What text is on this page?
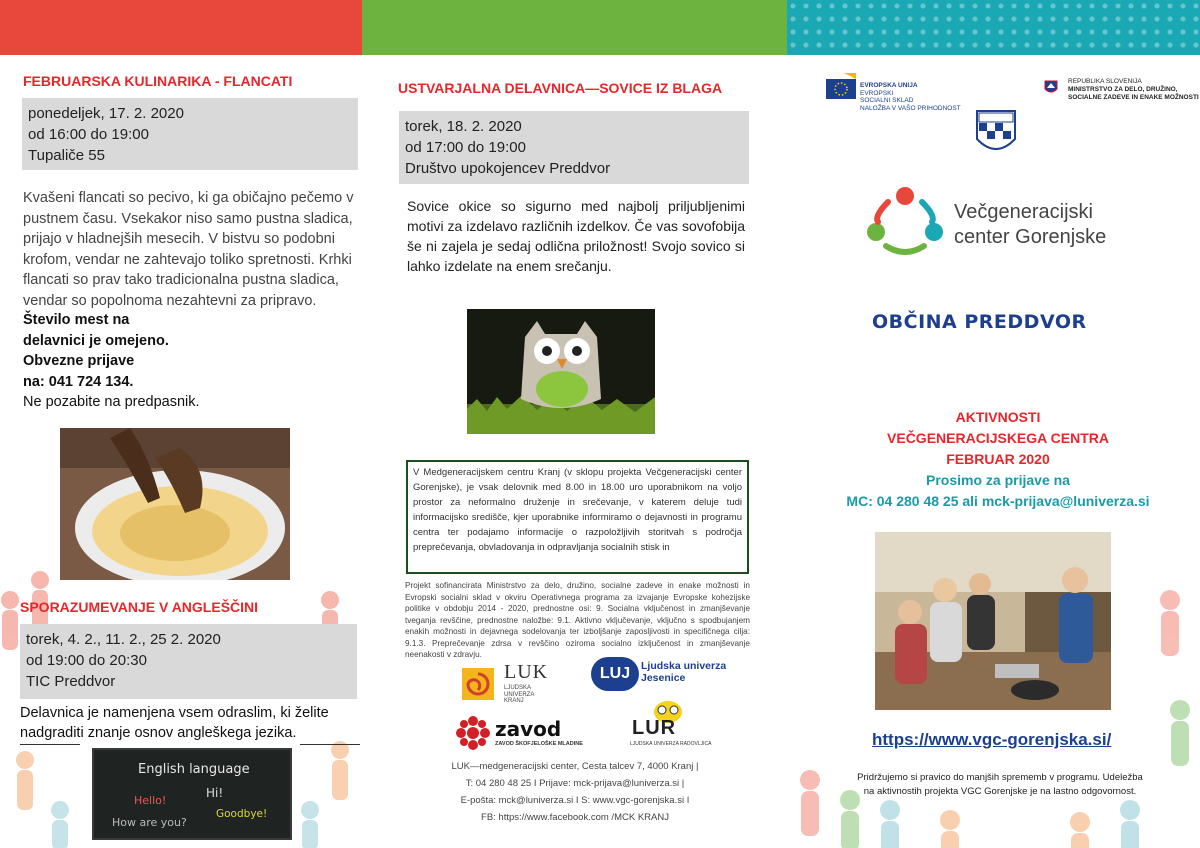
FEBRUARSKA KULINARIKA - FLANCATI
ponedeljek, 17. 2. 2020
od 16:00 do 19:00
Tupaliče 55
Kvašeni flancati so pecivo, ki ga običajno pečemo v pustnem času. Vsekakor niso samo pustna sladica, prijajo v hladnejših mesecih. V bistvu so podobni krofom, vendar ne zahtevajo toliko spretnosti. Krhki flancati so prav tako tradicionalna pustna sladica, vendar so popolnoma nezahtevni za pripravo.
Število mest na
delavnici je omejeno.
Obvezne prijave
na: 041 724 134.
Ne pozabite na predpasnik.
SPORAZUMEVANJE V ANGLEŠČINI
torek, 4. 2., 11. 2., 25 2. 2020
od 19:00 do 20:30
TIC Preddvor
Delavnica je namenjena vsem odraslim, ki želite nadgraditi znanje osnov angleškega jezika.
English language
Hello!
Hi!
How are you?
Goodbye!
USTVARJALNA DELAVNICA—SOVICE IZ BLAGA
torek, 18. 2. 2020
od 17:00 do 19:00
Društvo upokojencev Preddvor
Sovice okice so sigurno med najbolj priljubljenimi motivi za izdelavo različnih izdelkov. Če vas sovofobija še ni zajela je sedaj odlična priložnost! Svojo sovico si lahko izdelate na enem srečanju.
V Medgeneracijskem centru Kranj (v sklopu projekta Večgeneracijski center Gorenjske), je vsak delovnik med 8.00 in 18.00 uro uporabnikom na voljo prostor za neformalno druženje in srečevanje, v katerem deluje tudi informacijsko središče, kjer uporabnike informiramo o dejavnosti in programu centra ter podajamo informacije o razpoložljivih storitvah s področja preprečevanja, obvladovanja in odpravljanja socialnih stisk in
Projekt sofinancirata Ministrstvo za delo, družino, socialne zadeve in enake možnosti in Evropski socialni sklad v okviru Operativnega programa za izvajanje Evropske kohezijske politike v obdobju 2014 - 2020, prednostne osi: 9. Socialna vključenost in zmanjševanje tveganja revščine, prednostne naložbe: 9.1. Aktivno vključevanje, vključno s spodbujanjem enakih možnosti in dejavnega sodelovanja ter izboljšanje zaposljivosti in specifičnega cilja: 9.1.3. Preprečevanje zdrsa v revščino oziroma socialno izključenost in zmanjševanje neenakosti v zdravju.
LUK
LJUDSKA
UNIVERZA
KRANJ
LUJ	Ljudska univerza
Jesenice
zavod
ZAVOD ŠKOFJELOŠKE MLADINE
LUR
LJUDSKA UNIVERZA RADOVLJICA
LUK—medgeneracijski center, Cesta talcev 7, 4000 Kranj |
T: 04 280 48 25 I Prijave: mck-prijava@luniverza.si |
E-pošta: mck@luniverza.si I S: www.vgc-gorenjska.si I
FB: https://www.facebook.com /MCK KRANJ
EVROPSKA UNIJA
EVROPSKI
SOCIALNI SKLAD
NALOŽBA V VAŠO PRIHODNOST
REPUBLIKA SLOVENIJA
MINISTRSTVO ZA DELO, DRUŽINO,
SOCIALNE ZADEVE IN ENAKE MOŽNOSTI
Večgeneracijski
center Gorenjske
OBČINA PREDDVOR
AKTIVNOSTI
VEČGENERACIJSKEGA CENTRA
FEBRUAR 2020
Prosimo za prijave na
MC: 04 280 48 25 ali mck-prijava@luniverza.si
https://www.vgc-gorenjska.si/
Pridržujemo si pravico do manjših sprememb v programu. Udeležba
na aktivnostih projekta VGC Gorenjske je na lastno odgovornost.
